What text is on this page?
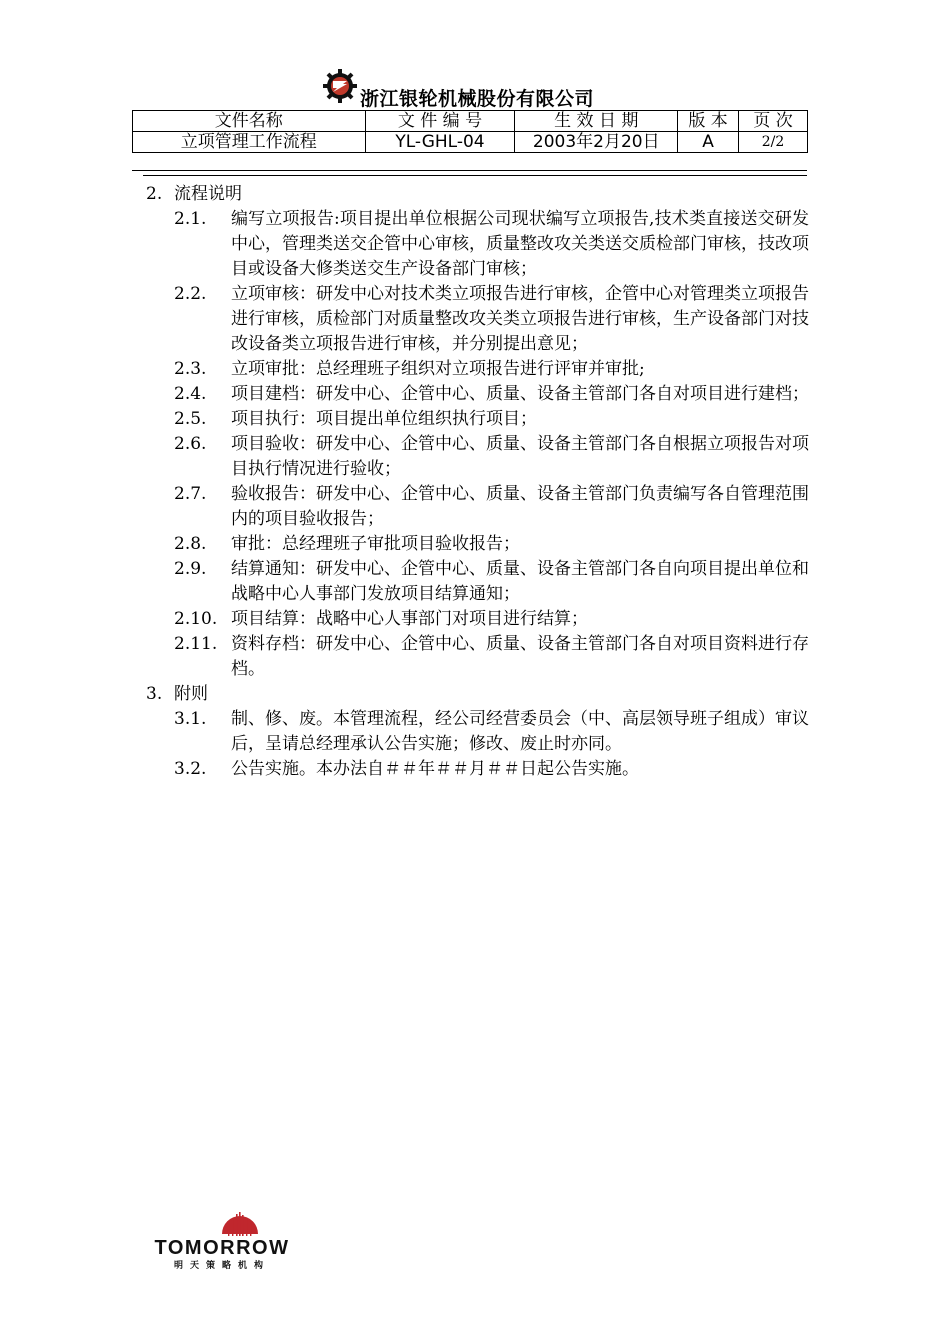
浙江银轮机械股份有限公司
文件名称	文 件 编 号	生 效 日 期	版 本	页 次
立项管理工作流程	YL-GHL-04	2003年2月20日	A	2/2
2. 流程说明
2.1. 编写立项报告:项目提出单位根据公司现状编写立项报告,技术类直接送交研发中心，管理类送交企管中心审核，质量整改攻关类送交质检部门审核，技改项目或设备大修类送交生产设备部门审核；
2.2. 立项审核：研发中心对技术类立项报告进行审核，企管中心对管理类立项报告进行审核，质检部门对质量整改攻关类立项报告进行审核，生产设备部门对技改设备类立项报告进行审核，并分别提出意见；
2.3. 立项审批：总经理班子组织对立项报告进行评审并审批;
2.4. 项目建档：研发中心、企管中心、质量、设备主管部门各自对项目进行建档；
2.5. 项目执行：项目提出单位组织执行项目；
2.6. 项目验收：研发中心、企管中心、质量、设备主管部门各自根据立项报告对项目执行情况进行验收；
2.7. 验收报告：研发中心、企管中心、质量、设备主管部门负责编写各自管理范围内的项目验收报告；
2.8. 审批：总经理班子审批项目验收报告；
2.9. 结算通知：研发中心、企管中心、质量、设备主管部门各自向项目提出单位和战略中心人事部门发放项目结算通知；
2.10. 项目结算：战略中心人事部门对项目进行结算；
2.11. 资料存档：研发中心、企管中心、质量、设备主管部门各自对项目资料进行存档。
3. 附则
3.1. 制、修、废。本管理流程，经公司经营委员会（中、高层领导班子组成）审议后，呈请总经理承认公告实施；修改、废止时亦同。
3.2. 公告实施。本办法自＃＃年＃＃月＃＃日起公告实施。
TOMORROW
明天策略机构
